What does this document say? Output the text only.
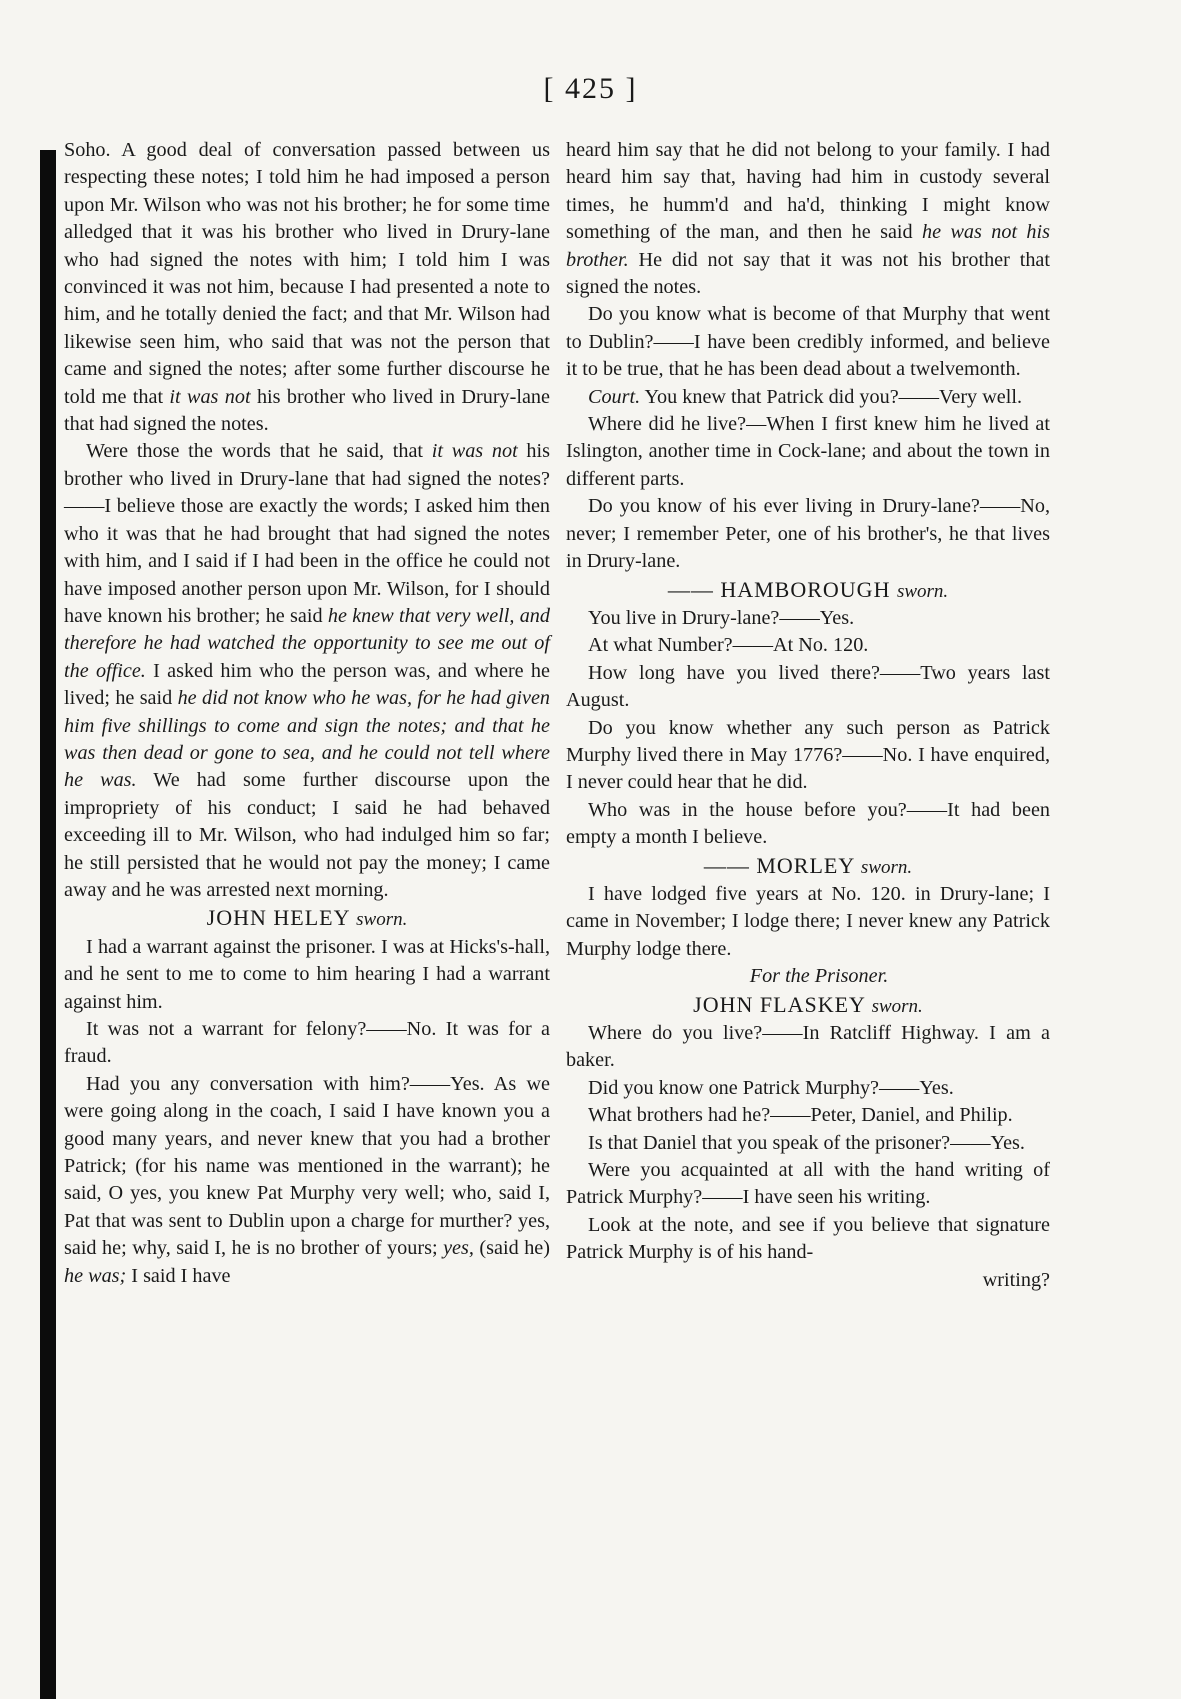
[ 425 ]

Soho. A good deal of conversation passed between us respecting these notes; I told him he had imposed a person upon Mr. Wilson who was not his brother; he for some time alledged that it was his brother who lived in Drury-lane who had signed the notes with him; I told him I was convinced it was not him, because I had presented a note to him, and he totally denied the fact; and that Mr. Wilson had likewise seen him, who said that was not the person that came and signed the notes; after some further discourse he told me that it was not his brother who lived in Drury-lane that had signed the notes.

Were those the words that he said, that it was not his brother who lived in Drury-lane that had signed the notes?——I believe those are exactly the words; I asked him then who it was that he had brought that had signed the notes with him, and I said if I had been in the office he could not have imposed another person upon Mr. Wilson, for I should have known his brother; he said he knew that very well, and therefore he had watched the opportunity to see me out of the office. I asked him who the person was, and where he lived; he said he did not know who he was, for he had given him five shillings to come and sign the notes; and that he was then dead or gone to sea, and he could not tell where he was. We had some further discourse upon the impropriety of his conduct; I said he had behaved exceeding ill to Mr. Wilson, who had indulged him so far; he still persisted that he would not pay the money; I came away and he was arrested next morning.

JOHN HELEY sworn.

I had a warrant against the prisoner. I was at Hicks's-hall, and he sent to me to come to him hearing I had a warrant against him.

It was not a warrant for felony?——No. It was for a fraud.

Had you any conversation with him?——Yes. As we were going along in the coach, I said I have known you a good many years, and never knew that you had a brother Patrick; (for his name was mentioned in the warrant); he said, O yes, you knew Pat Murphy very well; who, said I, Pat that was sent to Dublin upon a charge for murther? yes, said he; why, said I, he is no brother of yours; yes, (said he) he was; I said I have

heard him say that he did not belong to your family. I had heard him say that, having had him in custody several times, he humm'd and ha'd, thinking I might know something of the man, and then he said he was not his brother. He did not say that it was not his brother that signed the notes.

Do you know what is become of that Murphy that went to Dublin?——I have been credibly informed, and believe it to be true, that he has been dead about a twelvemonth.

Court. You knew that Patrick did you?——Very well.

Where did he live?—When I first knew him he lived at Islington, another time in Cock-lane; and about the town in different parts.

Do you know of his ever living in Drury-lane?——No, never; I remember Peter, one of his brother's, he that lives in Drury-lane.

—— HAMBOROUGH sworn.

You live in Drury-lane?——Yes.

At what Number?——At No. 120.

How long have you lived there?——Two years last August.

Do you know whether any such person as Patrick Murphy lived there in May 1776?——No. I have enquired, I never could hear that he did.

Who was in the house before you?——It had been empty a month I believe.

—— MORLEY sworn.

I have lodged five years at No. 120. in Drury-lane; I came in November; I lodge there; I never knew any Patrick Murphy lodge there.

For the Prisoner.

JOHN FLASKEY sworn.

Where do you live?——In Ratcliff Highway. I am a baker.

Did you know one Patrick Murphy?——Yes.

What brothers had he?——Peter, Daniel, and Philip.

Is that Daniel that you speak of the prisoner?——Yes.

Were you acquainted at all with the hand writing of Patrick Murphy?——I have seen his writing.

Look at the note, and see if you believe that signature Patrick Murphy is of his hand-

writing?
